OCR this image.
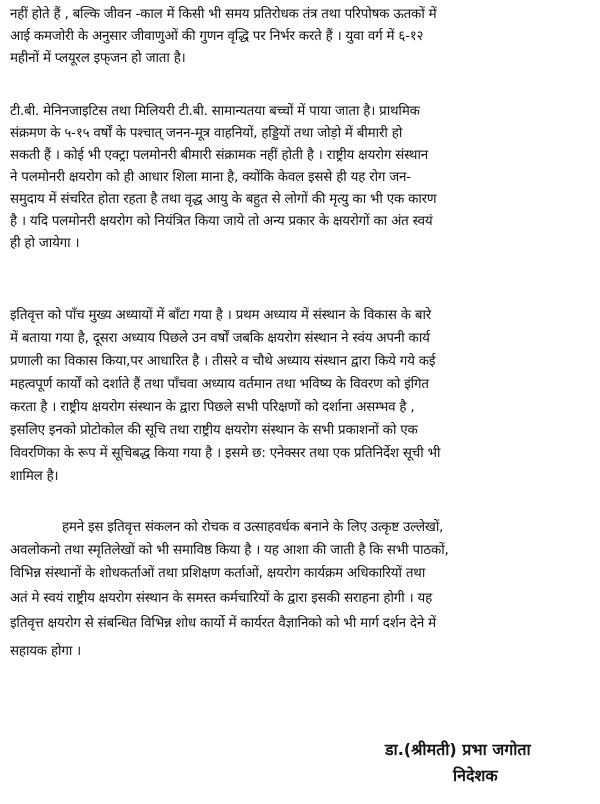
नहीं होते हैं , बल्कि जीवन -काल में किसी भी समय प्रतिरोधक तंत्र तथा परिपोषक ऊतकों में
आई कमजोरी के अनुसार जीवाणुओं की गुणन वृद्धि पर निर्भर करते हैं । युवा वर्ग में ६-१२
महीनों में प्लयूरल इफ्‌जन हो जाता है।
टी.बी. मेनिनजाइटिस तथा मिलियरी टी.बी. सामान्यतया बच्चों में पाया जाता है। प्राथमिक
संक्रमण के ५-१५ वर्षों के पश्चात्‌ जनन-मूत्र वाहनियों, हड्डियों तथा जोड़ो में बीमारी हो
सकती हैं । कोई भी एक्ट्रा पलमोनरी बीमारी संक्रामक नहीं होती है । राष्ट्रीय क्षयरोग संस्थान
ने पलमोनरी क्षयरोग को ही आधार शिला माना है, क्योंकि केवल इससे ही यह रोग जन-
समुदाय में संचरित होता रहता है तथा वृद्ध आयु के बहुत से लोगों की मृत्यु का भी एक कारण
है । यदि पलमोनरी क्षयरोग को नियंत्रित किया जाये तो अन्य प्रकार के क्षयरोगों का अंत स्वयं
ही हो जायेगा ।
इतिवृत्त को पाँच मुख्य अध्यायों में बाँटा गया है । प्रथम अध्याय में संस्थान के विकास के बारे
में बताया गया है, दूसरा अध्याय पिछले उन वर्षों जबकि क्षयरोग संस्थान ने स्वंय अपनी कार्य
प्रणाली का विकास किया,पर आधारित है । तीसरे व चौथे अध्याय संस्थान द्वारा किये गये कई
महत्वपूर्ण कार्यों को दर्शाते हैं तथा पाँचवा अध्याय वर्तमान तथा भविष्य के विवरण को इंगित
करता है । राष्ट्रीय क्षयरोग संस्थान के द्वारा पिछले सभी परिक्षणों को दर्शाना असम्भव है ,
इसलिए इनको प्रोटोकोल की सूचि तथा राष्ट्रीय क्षयरोग संस्थान के सभी प्रकाशनों को एक
विवरणिका के रूप में सूचिबद्ध किया गया है । इसमे छ: एनेक्सर तथा एक प्रतिनिर्देश सूची भी
शामिल है।
हमने इस इतिवृत्त संकलन को रोचक व उत्साहवर्धक बनाने के लिए उत्कृष्ट उल्लेखों,
अवलोकनो तथा स्मृतिलेखों को भी समाविष्ठ किया है । यह आशा की जाती है कि सभी पाठकों,
विभिन्न संस्थानों के शोधकर्ताओं तथा प्रशिक्षण कर्ताओं, क्षयरोग कार्यक्रम अधिकारियों तथा
अतं मे स्वयं राष्ट्रीय क्षयरोग संस्थान के समस्त कर्मचारियों के द्वारा इसकी सराहना होगी । यह
इतिवृत्त क्षयरोग से संबन्धित विभिन्न शोध कार्यो में कार्यरत वैज्ञानिको को भी मार्ग दर्शन देने में
सहायक होगा ।
डा.(श्रीमती) प्रभा जगोता
निदेशक
